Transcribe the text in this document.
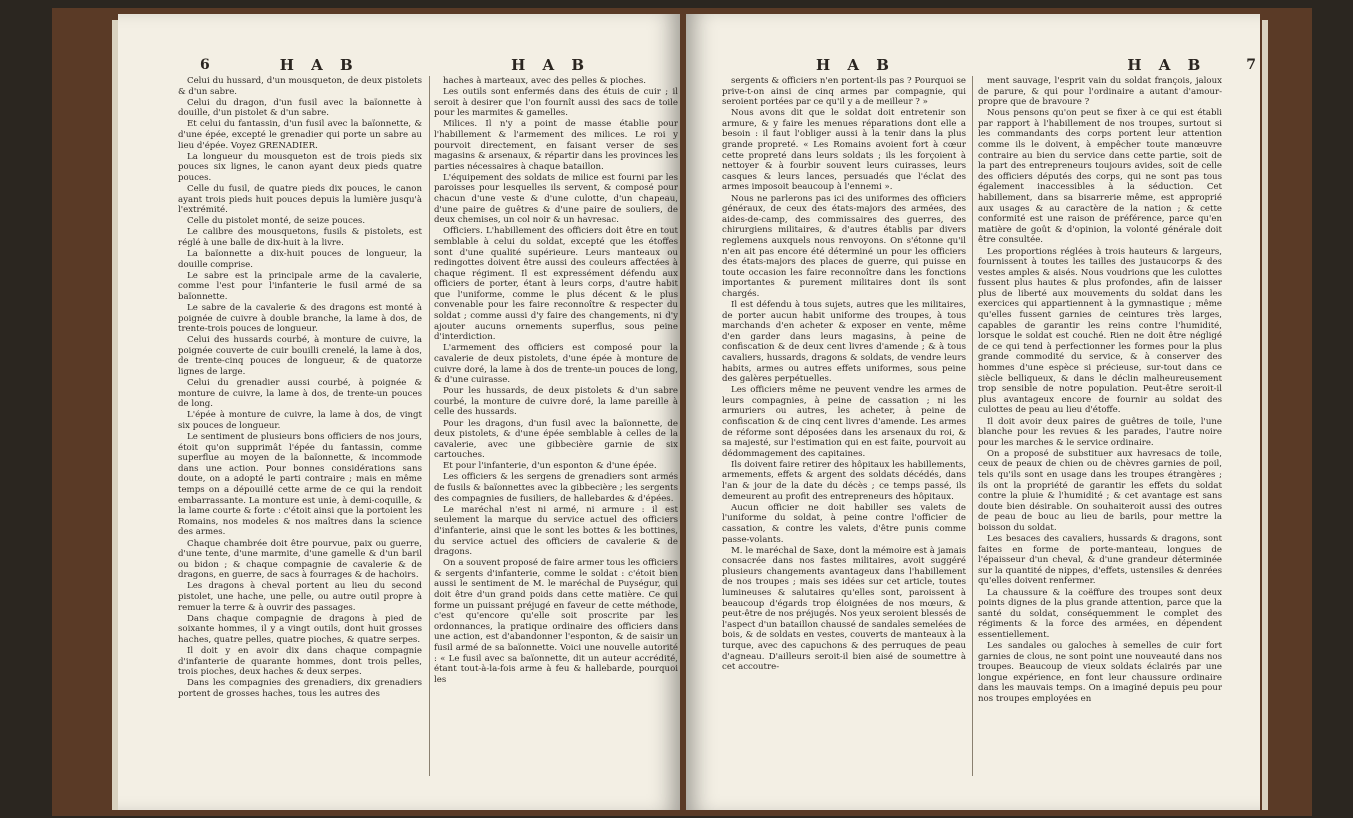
6	H A B	H A B

Celui du hussard, d'un mousqueton, de deux pistolets & d'un sabre.

Celui du dragon, d'un fusil avec la baïonnette à douille, d'un pistolet & d'un sabre.

Et celui du fantassin, d'un fusil avec la baïonnette, & d'une épée, excepté le grenadier qui porte un sabre au lieu d'épée. Voyez GRENADIER.

La longueur du mousqueton est de trois pieds six pouces six lignes, le canon ayant deux pieds quatre pouces.

Celle du fusil, de quatre pieds dix pouces, le canon ayant trois pieds huit pouces depuis la lumière jusqu'à l'extrémité.

Celle du pistolet monté, de seize pouces.

Le calibre des mousquetons, fusils & pistolets, est réglé à une balle de dix-huit à la livre.

La baïonnette a dix-huit pouces de longueur, la douille comprise.

Le sabre est la principale arme de la cavalerie, comme l'est pour l'infanterie le fusil armé de sa baïonnette.

Le sabre de la cavalerie & des dragons est monté à poignée de cuivre à double branche, la lame à dos, de trente-trois pouces de longueur.

Celui des hussards courbé, à monture de cuivre, la poignée couverte de cuir bouilli crenelé, la lame à dos, de trente-cinq pouces de longueur, & de quatorze lignes de large.

Celui du grenadier aussi courbé, à poignée & monture de cuivre, la lame à dos, de trente-un pouces de long.

L'épée à monture de cuivre, la lame à dos, de vingt six pouces de longueur.

Le sentiment de plusieurs bons officiers de nos jours, étoit qu'on supprimât l'épée du fantassin, comme superflue au moyen de la baïonnette, & incommode dans une action. Pour bonnes considérations sans doute, on a adopté le parti contraire ; mais en même temps on a dépouillé cette arme de ce qui la rendoit embarrassante. La monture est unie, à demi-coquille, & la lame courte & forte : c'étoit ainsi que la portoient les Romains, nos modeles & nos maîtres dans la science des armes.

Chaque chambrée doit être pourvue, paix ou guerre, d'une tente, d'une marmite, d'une gamelle & d'un baril ou bidon ; & chaque compagnie de cavalerie & de dragons, en guerre, de sacs à fourrages & de hachoirs.

Les dragons à cheval portent au lieu du second pistolet, une hache, une pelle, ou autre outil propre à remuer la terre & à ouvrir des passages.

Dans chaque compagnie de dragons à pied de soixante hommes, il y a vingt outils, dont huit grosses haches, quatre pelles, quatre pioches, & quatre serpes.

Il doit y en avoir dix dans chaque compagnie d'infanterie de quarante hommes, dont trois pelles, trois pioches, deux haches & deux serpes.

Dans les compagnies des grenadiers, dix grenadiers portent de grosses haches, tous les autres des

haches à marteaux, avec des pelles & pioches.

Les outils sont enfermés dans des étuis de cuir ; il seroit à desirer que l'on fournît aussi des sacs de toile pour les marmites & gamelles.

Milices. Il n'y a point de masse établie pour l'habillement & l'armement des milices. Le roi y pourvoit directement, en faisant verser de ses magasins & arsenaux, & répartir dans les provinces les parties nécessaires à chaque bataillon.

L'équipement des soldats de milice est fourni par les paroisses pour lesquelles ils servent, & composé pour chacun d'une veste & d'une culotte, d'un chapeau, d'une paire de guêtres & d'une paire de souliers, de deux chemises, un col noir & un havresac.

Officiers. L'habillement des officiers doit être en tout semblable à celui du soldat, excepté que les étoffes sont d'une qualité supérieure. Leurs manteaux ou redingottes doivent être aussi des couleurs affectées à chaque régiment. Il est expressément défendu aux officiers de porter, étant à leurs corps, d'autre habit que l'uniforme, comme le plus décent & le plus convenable pour les faire reconnoître & respecter du soldat ; comme aussi d'y faire des changements, ni d'y ajouter aucuns ornements superflus, sous peine d'interdiction.

L'armement des officiers est composé pour la cavalerie de deux pistolets, d'une épée à monture de cuivre doré, la lame à dos de trente-un pouces de long, & d'une cuirasse.

Pour les hussards, de deux pistolets & d'un sabre courbé, la monture de cuivre doré, la lame pareille à celle des hussards.

Pour les dragons, d'un fusil avec la baïonnette, de deux pistolets, & d'une épée semblable à celles de la cavalerie, avec une gibbecière garnie de six cartouches.

Et pour l'infanterie, d'un esponton & d'une épée.

Les officiers & les sergens de grenadiers sont armés de fusils & baïonnettes avec la gibbecière ; les sergents des compagnies de fusiliers, de hallebardes & d'épées.

Le maréchal n'est ni armé, ni armure : il est seulement la marque du service actuel des officiers d'infanterie, ainsi que le sont les bottes & les bottines, du service actuel des officiers de cavalerie & de dragons.

On a souvent proposé de faire armer tous les officiers & sergents d'infanterie, comme le soldat : c'étoit bien aussi le sentiment de M. le maréchal de Puységur, qui doit être d'un grand poids dans cette matière. Ce qui forme un puissant préjugé en faveur de cette méthode, c'est qu'encore qu'elle soit proscrite par les ordonnances, la pratique ordinaire des officiers dans une action, est d'abandonner l'esponton, & de saisir un fusil armé de sa baïonnette. Voici une nouvelle autorité : « Le fusil avec sa baïonnette, dit un auteur accrédité, étant tout-à-la-fois arme à feu & hallebarde, pourquoi les

H A B	H A B	7

sergents & officiers n'en portent-ils pas ? Pourquoi se prive-t-on ainsi de cinq armes par compagnie, qui seroient portées par ce qu'il y a de meilleur ? »

Nous avons dit que le soldat doit entretenir son armure, & y faire les menues réparations dont elle a besoin : il faut l'obliger aussi à la tenir dans la plus grande propreté. « Les Romains avoient fort à cœur cette propreté dans leurs soldats ; ils les forçoient à nettoyer & à fourbir souvent leurs cuirasses, leurs casques & leurs lances, persuadés que l'éclat des armes imposoit beaucoup à l'ennemi ».

Nous ne parlerons pas ici des uniformes des officiers généraux, de ceux des états-majors des armées, des aides-de-camp, des commissaires des guerres, des chirurgiens militaires, & d'autres établis par divers reglemens auxquels nous renvoyons. On s'étonne qu'il n'en ait pas encore été déterminé un pour les officiers des états-majors des places de guerre, qui puisse en toute occasion les faire reconnoître dans les fonctions importantes & purement militaires dont ils sont chargés.

Il est défendu à tous sujets, autres que les militaires, de porter aucun habit uniforme des troupes, à tous marchands d'en acheter & exposer en vente, même d'en garder dans leurs magasins, à peine de confiscation & de deux cent livres d'amende ; & à tous cavaliers, hussards, dragons & soldats, de vendre leurs habits, armes ou autres effets uniformes, sous peine des galères perpétuelles.

Les officiers même ne peuvent vendre les armes de leurs compagnies, à peine de cassation ; ni les armuriers ou autres, les acheter, à peine de confiscation & de cinq cent livres d'amende. Les armes de réforme sont déposées dans les arsenaux du roi, & sa majesté, sur l'estimation qui en est faite, pourvoit au dédommagement des capitaines.

Ils doivent faire retirer des hôpitaux les habillements, armements, effets & argent des soldats décédés, dans l'an & jour de la date du décès ; ce temps passé, ils demeurent au profit des entrepreneurs des hôpitaux.

Aucun officier ne doit habiller ses valets de l'uniforme du soldat, à peine contre l'officier de cassation, & contre les valets, d'être punis comme passe-volants.

M. le maréchal de Saxe, dont la mémoire est à jamais consacrée dans nos fastes militaires, avoit suggéré plusieurs changements avantageux dans l'habillement de nos troupes ; mais ses idées sur cet article, toutes lumineuses & salutaires qu'elles sont, paroissent à beaucoup d'égards trop éloignées de nos mœurs, & peut-être de nos préjugés. Nos yeux seroient blessés de l'aspect d'un bataillon chaussé de sandales semelées de bois, & de soldats en vestes, couverts de manteaux à la turque, avec des capuchons & des perruques de peau d'agneau. D'ailleurs seroit-il bien aisé de soumettre à cet accoutre-

ment sauvage, l'esprit vain du soldat françois, jaloux de parure, & qui pour l'ordinaire a autant d'amour-propre que de bravoure ?

Nous pensons qu'on peut se fixer à ce qui est établi par rapport à l'habillement de nos troupes, surtout si les commandants des corps portent leur attention comme ils le doivent, à empêcher toute manœuvre contraire au bien du service dans cette partie, soit de la part des entrepreneurs toujours avides, soit de celle des officiers députés des corps, qui ne sont pas tous également inaccessibles à la séduction. Cet habillement, dans sa bisarrerie même, est approprié aux usages & au caractère de la nation ; & cette conformité est une raison de préférence, parce qu'en matière de goût & d'opinion, la volonté générale doit être consultée.

Les proportions réglées à trois hauteurs & largeurs, fournissent à toutes les tailles des justaucorps & des vestes amples & aisés. Nous voudrions que les culottes fussent plus hautes & plus profondes, afin de laisser plus de liberté aux mouvements du soldat dans les exercices qui appartiennent à la gymnastique ; même qu'elles fussent garnies de ceintures très larges, capables de garantir les reins contre l'humidité, lorsque le soldat est couché. Rien ne doit être négligé de ce qui tend à perfectionner les formes pour la plus grande commodité du service, & à conserver des hommes d'une espèce si précieuse, sur-tout dans ce siècle belliqueux, & dans le déclin malheureusement trop sensible de notre population. Peut-être seroit-il plus avantageux encore de fournir au soldat des culottes de peau au lieu d'étoffe.

Il doit avoir deux paires de guêtres de toile, l'une blanche pour les revues & les parades, l'autre noire pour les marches & le service ordinaire.

On a proposé de substituer aux havresacs de toile, ceux de peaux de chien ou de chèvres garnies de poil, tels qu'ils sont en usage dans les troupes étrangères ; ils ont la propriété de garantir les effets du soldat contre la pluie & l'humidité ; & cet avantage est sans doute bien désirable. On souhaiteroit aussi des outres de peau de bouc au lieu de barils, pour mettre la boisson du soldat.

Les besaces des cavaliers, hussards & dragons, sont faites en forme de porte-manteau, longues de l'épaisseur d'un cheval, & d'une grandeur déterminée sur la quantité de nippes, d'effets, ustensiles & denrées qu'elles doivent renfermer.

La chaussure & la coëffure des troupes sont deux points dignes de la plus grande attention, parce que la santé du soldat, conséquemment le complet des régiments & la force des armées, en dépendent essentiellement.

Les sandales ou galoches à semelles de cuir fort garnies de clous, ne sont point une nouveauté dans nos troupes. Beaucoup de vieux soldats éclairés par une longue expérience, en font leur chaussure ordinaire dans les mauvais temps. On a imaginé depuis peu pour nos troupes employées en
